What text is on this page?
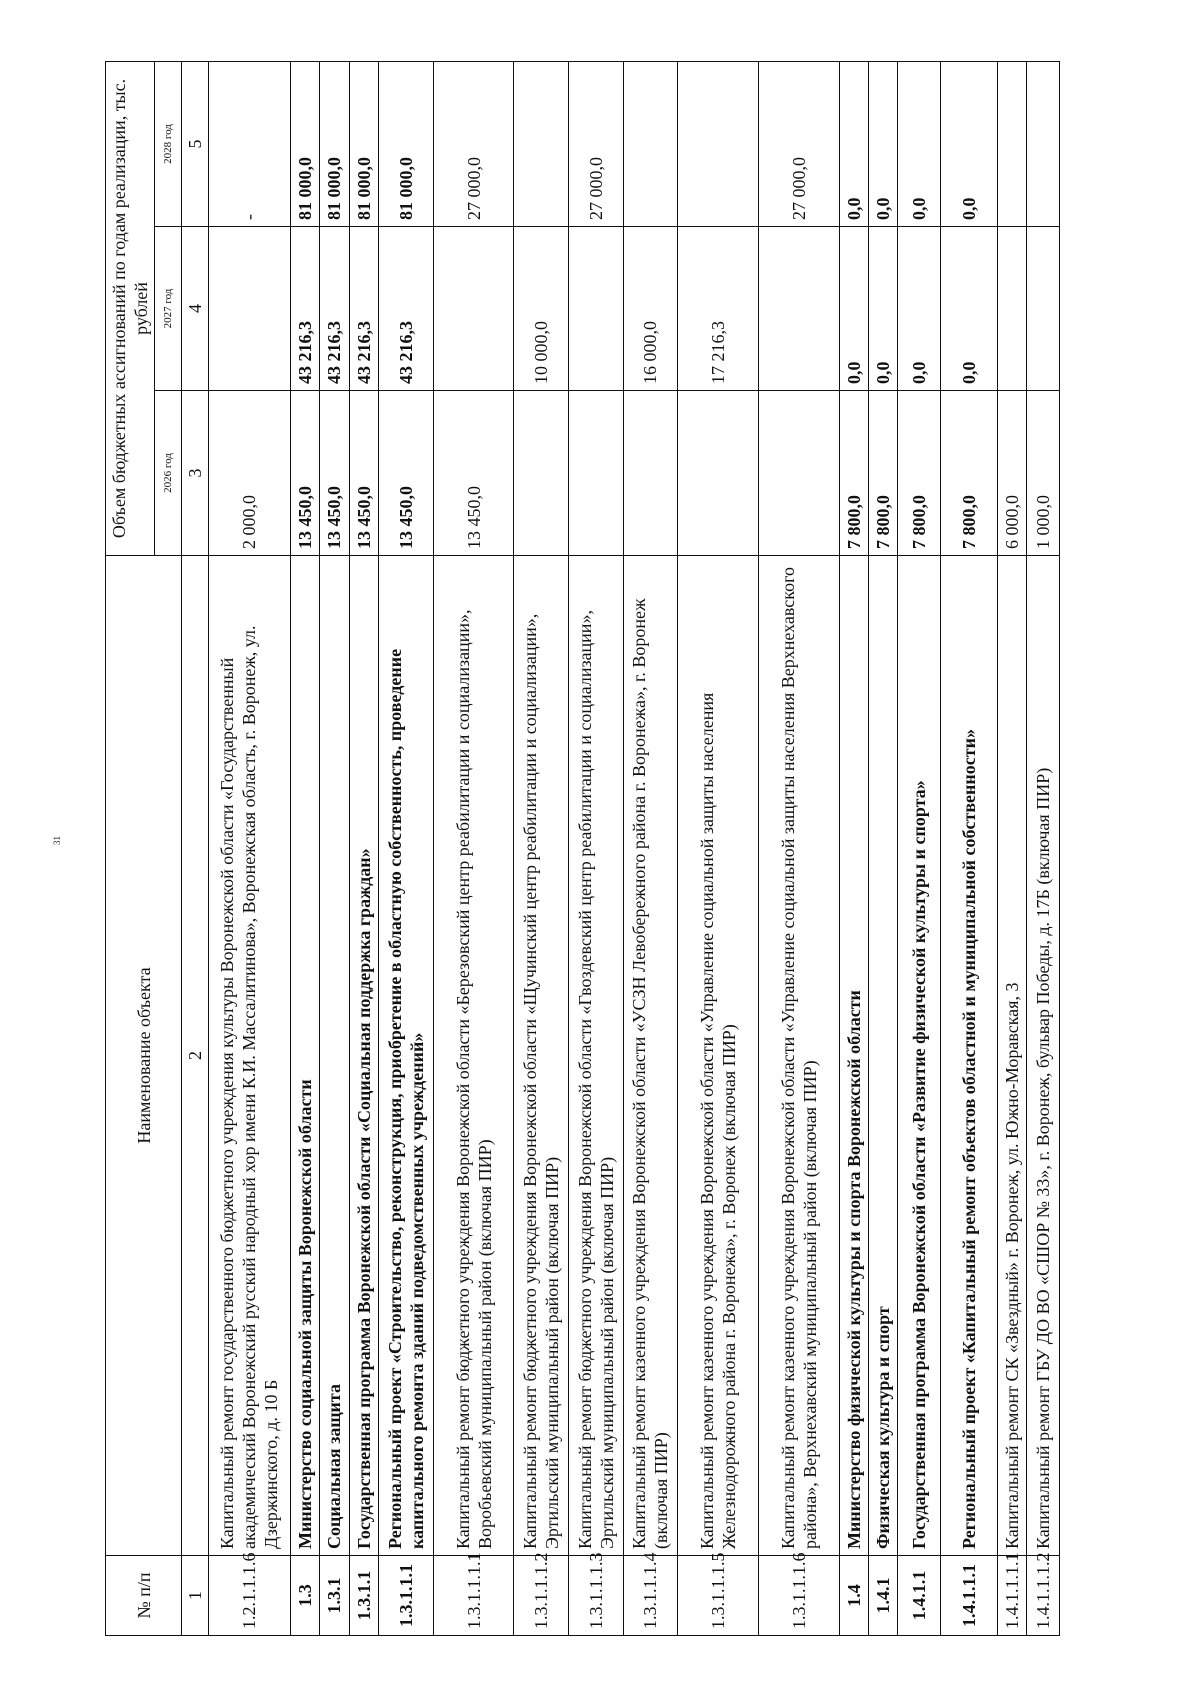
31
№ п/п	Наименование объекта	Объем бюджетных ассигнований по годам реализации, тыс. рублей		
		2026 год	2027 год	2028 год
1	2	3	4	5
1.2.1.1.1.6	Капитальный ремонт государственного бюджетного учреждения культуры Воронежской области «Государственный академический Воронежский русский народный хор имени К.И. Массалитинова», Воронежская область, г. Воронеж, ул. Дзержинского, д. 10 Б	2 000,0		-
1.3	Министерство социальной защиты Воронежской области	13 450,0	43 216,3	81 000,0
1.3.1	Социальная защита	13 450,0	43 216,3	81 000,0
1.3.1.1	Государственная программа Воронежской области «Социальная поддержка граждан»	13 450,0	43 216,3	81 000,0
1.3.1.1.1	Региональный проект «Строительство, реконструкция, приобретение в областную собственность, проведение капитального ремонта зданий подведомственных учреждений»	13 450,0	43 216,3	81 000,0
1.3.1.1.1.1	Капитальный ремонт бюджетного учреждения Воронежской области «Березовский центр реабилитации и социализации», Воробьевский муниципальный район (включая ПИР)	13 450,0		27 000,0
1.3.1.1.1.2	Капитальный ремонт бюджетного учреждения Воронежской области «Щучинский центр реабилитации и социализации», Эртильский муниципальный район (включая ПИР)		10 000,0	
1.3.1.1.1.3	Капитальный ремонт бюджетного учреждения Воронежской области «Гвоздевский центр реабилитации и социализации», Эртильский муниципальный район (включая ПИР)			27 000,0
1.3.1.1.1.4	Капитальный ремонт казенного учреждения Воронежской области «УСЗН Левобережного района г. Воронежа», г. Воронеж (включая ПИР)		16 000,0	
1.3.1.1.1.5	Капитальный ремонт казенного учреждения Воронежской области «Управление социальной защиты населения Железнодорожного района г. Воронежа», г. Воронеж (включая ПИР)		17 216,3	
1.3.1.1.1.6	Капитальный ремонт казенного учреждения Воронежской области «Управление социальной защиты населения Верхнехавского района», Верхнехавский муниципальный район (включая ПИР)			27 000,0
1.4	Министерство физической культуры и спорта Воронежской области	7 800,0	0,0	0,0
1.4.1	Физическая культура и спорт	7 800,0	0,0	0,0
1.4.1.1	Государственная программа Воронежской области «Развитие физической культуры и спорта»	7 800,0	0,0	0,0
1.4.1.1.1	Региональный проект «Капитальный ремонт объектов областной и муниципальной собственности»	7 800,0	0,0	0,0
1.4.1.1.1.1	Капитальный ремонт СК «Звездный» г. Воронеж, ул. Южно-Моравская, 3	6 000,0		
1.4.1.1.1.2	Капитальный ремонт ГБУ ДО ВО «СШОР № 33», г. Воронеж, бульвар Победы, д. 17Б (включая ПИР)	1 000,0		
